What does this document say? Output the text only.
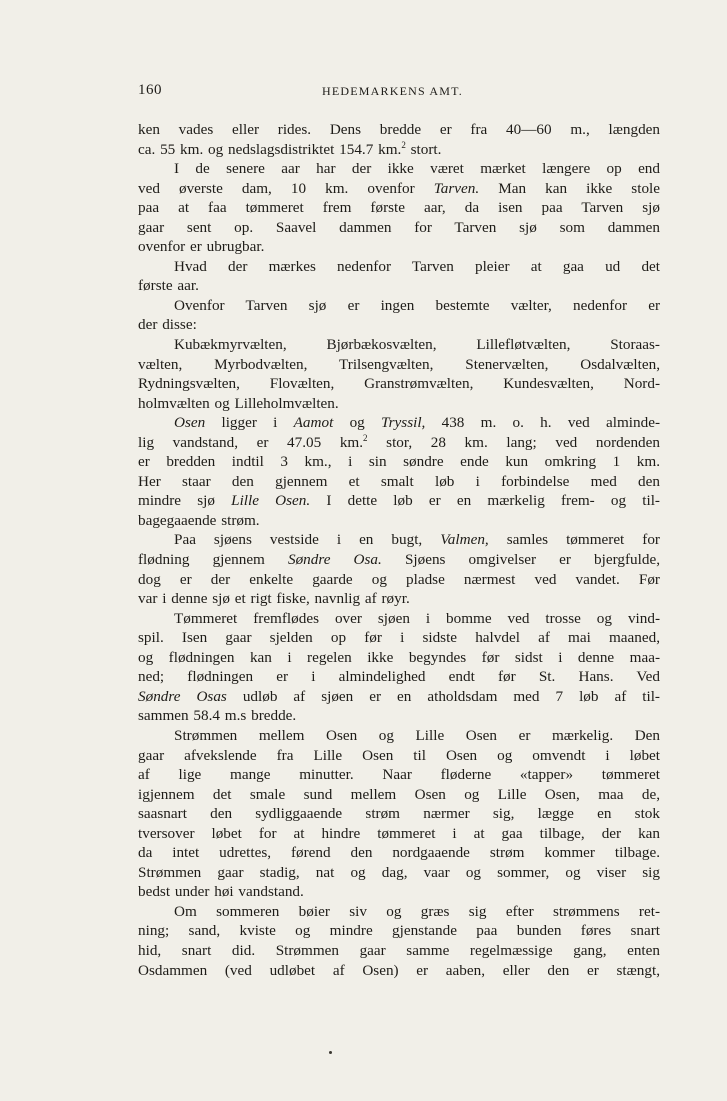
160	HEDEMARKENS AMT.
ken vades eller rides. Dens bredde er fra 40—60 m., længden
ca. 55 km. og nedslagsdistriktet 154.7 km.$^2$ stort.
I de senere aar har der ikke været mærket længere op end
ved øverste dam, 10 km. ovenfor Tarven. Man kan ikke stole
paa at faa tømmeret frem første aar, da isen paa Tarven sjø
gaar sent op. Saavel dammen for Tarven sjø som dammen
ovenfor er ubrugbar.
Hvad der mærkes nedenfor Tarven pleier at gaa ud det
første aar.
Ovenfor Tarven sjø er ingen bestemte vælter, nedenfor er
der disse:
Kubækmyrvælten, Bjørbækosvælten, Lillefløtvælten, Storaas-
vælten, Myrbodvælten, Trilsengvælten, Stenervælten, Osdalvælten,
Rydningsvælten, Flovælten, Granstrømvælten, Kundesvælten, Nord-
holmvælten og Lilleholmvælten.
Osen ligger i Aamot og Tryssil, 438 m. o. h. ved alminde-
lig vandstand, er 47.05 km.$^2$ stor, 28 km. lang; ved nordenden
er bredden indtil 3 km., i sin søndre ende kun omkring 1 km.
Her staar den gjennem et smalt løb i forbindelse med den
mindre sjø Lille Osen. I dette løb er en mærkelig frem- og til-
bagegaaende strøm.
Paa sjøens vestside i en bugt, Valmen, samles tømmeret for
flødning gjennem Søndre Osa. Sjøens omgivelser er bjergfulde,
dog er der enkelte gaarde og pladse nærmest ved vandet. Før
var i denne sjø et rigt fiske, navnlig af røyr.
Tømmeret fremflødes over sjøen i bomme ved trosse og vind-
spil. Isen gaar sjelden op før i sidste halvdel af mai maaned,
og flødningen kan i regelen ikke begyndes før sidst i denne maa-
ned; flødningen er i almindelighed endt før St. Hans. Ved
Søndre Osas udløb af sjøen er en atholdsdam med 7 løb af til-
sammen 58.4 m.s bredde.
Strømmen mellem Osen og Lille Osen er mærkelig. Den
gaar afvekslende fra Lille Osen til Osen og omvendt i løbet
af lige mange minutter. Naar fløderne «tapper» tømmeret
igjennem det smale sund mellem Osen og Lille Osen, maa de,
saasnart den sydliggaaende strøm nærmer sig, lægge en stok
tversover løbet for at hindre tømmeret i at gaa tilbage, der kan
da intet udrettes, førend den nordgaaende strøm kommer tilbage.
Strømmen gaar stadig, nat og dag, vaar og sommer, og viser sig
bedst under høi vandstand.
Om sommeren bøier siv og græs sig efter strømmens ret-
ning; sand, kviste og mindre gjenstande paa bunden føres snart
hid, snart did. Strømmen gaar samme regelmæssige gang, enten
Osdammen (ved udløbet af Osen) er aaben, eller den er stængt,
